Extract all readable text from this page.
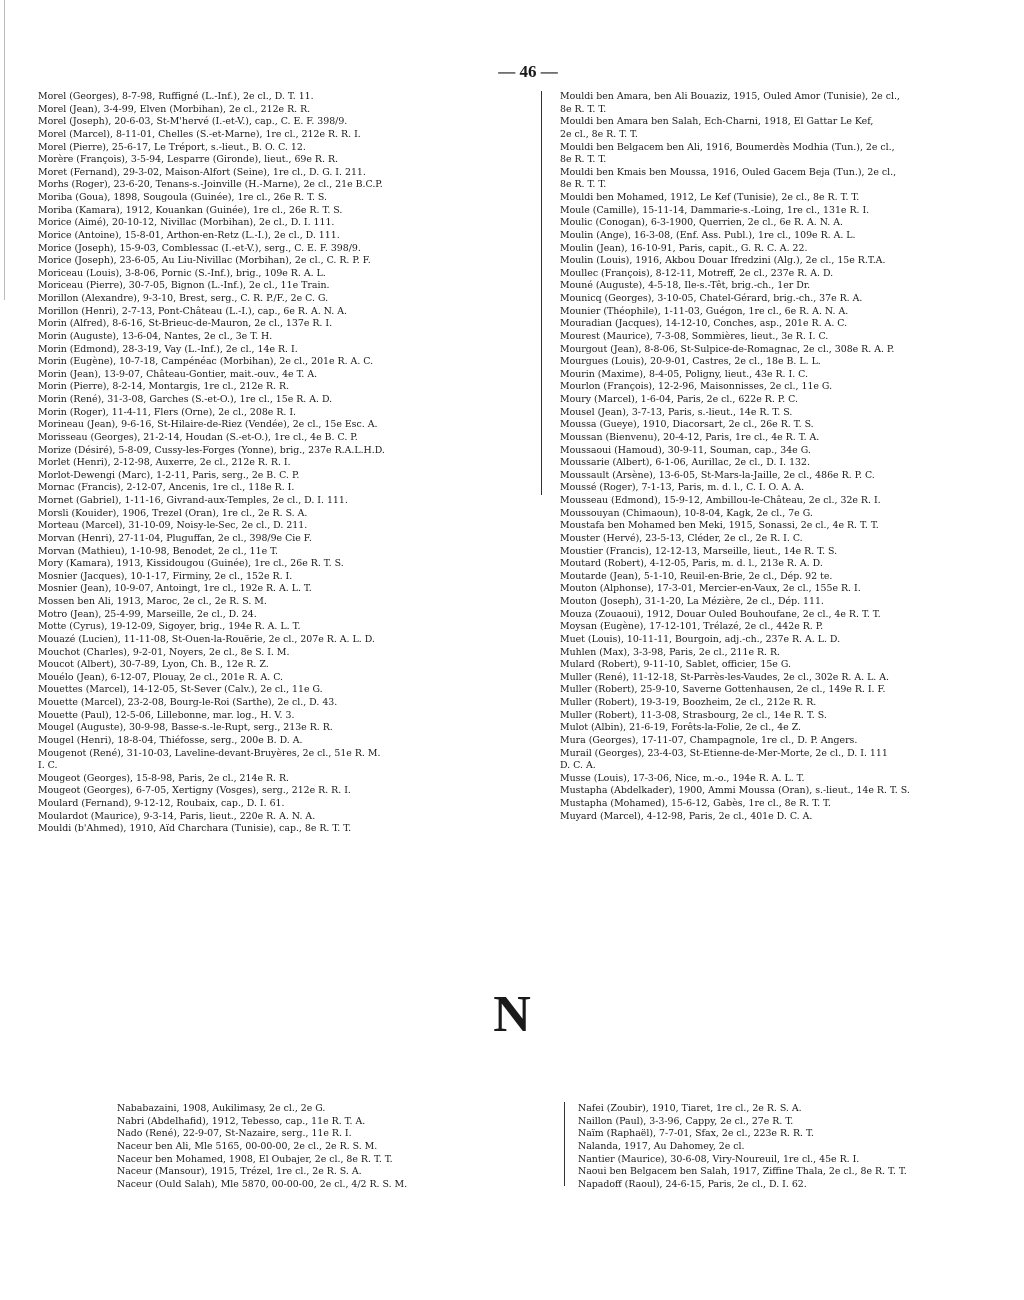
— 46 —
Morel (Georges), 8-7-98, Ruffigné (L.-Inf.), 2e cl., D. T. 11.
Morel (Jean), 3-4-99, Elven (Morbihan), 2e cl., 212e R. R.
Morel (Joseph), 20-6-03, St-M'hervé (I.-et-V.), cap., C. E. F. 398/9.
Morel (Marcel), 8-11-01, Chelles (S.-et-Marne), 1re cl., 212e R. R. I.
Morel (Pierre), 25-6-17, Le Tréport, s.-lieut., B. O. C. 12.
Morère (François), 3-5-94, Lesparre (Gironde), lieut., 69e R. R.
Moret (Fernand), 29-3-02, Maison-Alfort (Seine), 1re cl., D. G. I. 211.
Morhs (Roger), 23-6-20, Tenans-s.-Joinville (H.-Marne), 2e cl., 21e B.C.P.
Moriba (Goua), 1898, Sougoula (Guinée), 1re cl., 26e R. T. S.
Moriba (Kamara), 1912, Kouankan (Guinée), 1re cl., 26e R. T. S.
Morice (Aimé), 20-10-12, Nivillac (Morbihan), 2e cl., D. I. 111.
Morice (Antoine), 15-8-01, Arthon-en-Retz (L.-I.), 2e cl., D. 111.
Morice (Joseph), 15-9-03, Comblessac (I.-et-V.), serg., C. E. F. 398/9.
Morice (Joseph), 23-6-05, Au Liu-Nivillac (Morbihan), 2e cl., C. R. P. F.
Moriceau (Louis), 3-8-06, Pornic (S.-Inf.), brig., 109e R. A. L.
Moriceau (Pierre), 30-7-05, Bignon (L.-Inf.), 2e cl., 11e Train.
Morillon (Alexandre), 9-3-10, Brest, serg., C. R. P./F., 2e C. G.
Morillon (Henri), 2-7-13, Pont-Château (L.-I.), cap., 6e R. A. N. A.
Morin (Alfred), 8-6-16, St-Brieuc-de-Mauron, 2e cl., 137e R. I.
Morin (Auguste), 13-6-04, Nantes, 2e cl., 3e T. H.
Morin (Edmond), 28-3-19, Vay (L.-Inf.), 2e cl., 14e R. I.
Morin (Eugène), 10-7-18, Campénéac (Morbihan), 2e cl., 201e R. A. C.
Morin (Jean), 13-9-07, Château-Gontier, mait.-ouv., 4e T. A.
Morin (Pierre), 8-2-14, Montargis, 1re cl., 212e R. R.
Morin (René), 31-3-08, Garches (S.-et-O.), 1re cl., 15e R. A. D.
Morin (Roger), 11-4-11, Flers (Orne), 2e cl., 208e R. I.
Morineau (Jean), 9-6-16, St-Hilaire-de-Riez (Vendée), 2e cl., 15e Esc. A.
Morisseau (Georges), 21-2-14, Houdan (S.-et-O.), 1re cl., 4e B. C. P.
Morize (Désiré), 5-8-09, Cussy-les-Forges (Yonne), brig., 237e R.A.L.H.D.
Morlet (Henri), 2-12-98, Auxerre, 2e cl., 212e R. R. I.
Morlot-Dewengi (Marc), 1-2-11, Paris, serg., 2e B. C. P.
Mornac (Francis), 2-12-07, Ancenis, 1re cl., 118e R. I.
Mornet (Gabriel), 1-11-16, Givrand-aux-Temples, 2e cl., D. I. 111.
Morsli (Kouider), 1906, Trezel (Oran), 1re cl., 2e R. S. A.
Morteau (Marcel), 31-10-09, Noisy-le-Sec, 2e cl., D. 211.
Morvan (Henri), 27-11-04, Pluguffan, 2e cl., 398/9e Cie F.
Morvan (Mathieu), 1-10-98, Benodet, 2e cl., 11e T.
Mory (Kamara), 1913, Kissidougou (Guinée), 1re cl., 26e R. T. S.
Mosnier (Jacques), 10-1-17, Firminy, 2e cl., 152e R. I.
Mosnier (Jean), 10-9-07, Antoingt, 1re cl., 192e R. A. L. T.
Mossen ben Ali, 1913, Maroc, 2e cl., 2e R. S. M.
Motro (Jean), 25-4-99, Marseille, 2e cl., D. 24.
Motte (Cyrus), 19-12-09, Sigoyer, brig., 194e R. A. L. T.
Mouazé (Lucien), 11-11-08, St-Ouen-la-Rouërie, 2e cl., 207e R. A. L. D.
Mouchot (Charles), 9-2-01, Noyers, 2e cl., 8e S. I. M.
Moucot (Albert), 30-7-89, Lyon, Ch. B., 12e R. Z.
Mouélo (Jean), 6-12-07, Plouay, 2e cl., 201e R. A. C.
Mouettes (Marcel), 14-12-05, St-Sever (Calv.), 2e cl., 11e G.
Mouette (Marcel), 23-2-08, Bourg-le-Roi (Sarthe), 2e cl., D. 43.
Mouette (Paul), 12-5-06, Lillebonne, mar. log., H. V. 3.
Mougel (Auguste), 30-9-98, Basse-s.-le-Rupt, serg., 213e R. R.
Mougel (Henri), 18-8-04, Thiéfosse, serg., 200e B. D. A.
Mougenot (René), 31-10-03, Laveline-devant-Bruyères, 2e cl., 51e R. M.
I. C.
Mougeot (Georges), 15-8-98, Paris, 2e cl., 214e R. R.
Mougeot (Georges), 6-7-05, Xertigny (Vosges), serg., 212e R. R. I.
Moulard (Fernand), 9-12-12, Roubaix, cap., D. I. 61.
Moulardot (Maurice), 9-3-14, Paris, lieut., 220e R. A. N. A.
Mouldi (b'Ahmed), 1910, Aïd Charchara (Tunisie), cap., 8e R. T. T.
Mouldi ben Amara, ben Ali Bouaziz, 1915, Ouled Amor (Tunisie), 2e cl.,
8e R. T. T.
Mouldi ben Amara ben Salah, Ech-Charni, 1918, El Gattar Le Kef,
2e cl., 8e R. T. T.
Mouldi ben Belgacem ben Ali, 1916, Boumerdès Modhia (Tun.), 2e cl.,
8e R. T. T.
Mouldi ben Kmais ben Moussa, 1916, Ouled Gacem Beja (Tun.), 2e cl.,
8e R. T. T.
Mouldi ben Mohamed, 1912, Le Kef (Tunisie), 2e cl., 8e R. T. T.
Moule (Camille), 15-11-14, Dammarie-s.-Loing, 1re cl., 131e R. I.
Moulic (Conogan), 6-3-1900, Querrien, 2e cl., 6e R. A. N. A.
Moulin (Ange), 16-3-08, (Enf. Ass. Publ.), 1re cl., 109e R. A. L.
Moulin (Jean), 16-10-91, Paris, capit., G. R. C. A. 22.
Moulin (Louis), 1916, Akbou Douar Ifredzini (Alg.), 2e cl., 15e R.T.A.
Moullec (François), 8-12-11, Motreff, 2e cl., 237e R. A. D.
Mouné (Auguste), 4-5-18, Ile-s.-Têt, brig.-ch., 1er Dr.
Mounicq (Georges), 3-10-05, Chatel-Gérard, brig.-ch., 37e R. A.
Mounier (Théophile), 1-11-03, Guégon, 1re cl., 6e R. A. N. A.
Mouradian (Jacques), 14-12-10, Conches, asp., 201e R. A. C.
Mourest (Maurice), 7-3-08, Sommières, lieut., 3e R. I. C.
Mourgout (Jean), 8-8-06, St-Sulpice-de-Romagnac, 2e cl., 308e R. A. P.
Mourgues (Louis), 20-9-01, Castres, 2e cl., 18e B. L. L.
Mourin (Maxime), 8-4-05, Poligny, lieut., 43e R. I. C.
Mourlon (François), 12-2-96, Maisonnisses, 2e cl., 11e G.
Moury (Marcel), 1-6-04, Paris, 2e cl., 622e R. P. C.
Mousel (Jean), 3-7-13, Paris, s.-lieut., 14e R. T. S.
Moussa (Gueye), 1910, Diacorsart, 2e cl., 26e R. T. S.
Moussan (Bienvenu), 20-4-12, Paris, 1re cl., 4e R. T. A.
Moussaoui (Hamoud), 30-9-11, Souman, cap., 34e G.
Moussarie (Albert), 6-1-06, Aurillac, 2e cl., D. I. 132.
Moussault (Arsène), 13-6-05, St-Mars-la-Jaille, 2e cl., 486e R. P. C.
Moussé (Roger), 7-1-13, Paris, m. d. l., C. I. O. A. A.
Mousseau (Edmond), 15-9-12, Ambillou-le-Château, 2e cl., 32e R. I.
Moussouyan (Chimaoun), 10-8-04, Kagk, 2e cl., 7e G.
Moustafa ben Mohamed ben Meki, 1915, Sonassi, 2e cl., 4e R. T. T.
Mouster (Hervé), 23-5-13, Cléder, 2e cl., 2e R. I. C.
Moustier (Francis), 12-12-13, Marseille, lieut., 14e R. T. S.
Moutard (Robert), 4-12-05, Paris, m. d. l., 213e R. A. D.
Moutarde (Jean), 5-1-10, Reuil-en-Brie, 2e cl., Dép. 92 te.
Mouton (Alphonse), 17-3-01, Mercier-en-Vaux, 2e cl., 155e R. I.
Mouton (Joseph), 31-1-20, La Mézière, 2e cl., Dép. 111.
Mouza (Zouaoui), 1912, Douar Ouled Bouhoufane, 2e cl., 4e R. T. T.
Moysan (Eugène), 17-12-101, Trélazé, 2e cl., 442e R. P.
Muet (Louis), 10-11-11, Bourgoin, adj.-ch., 237e R. A. L. D.
Muhlen (Max), 3-3-98, Paris, 2e cl., 211e R. R.
Mulard (Robert), 9-11-10, Sablet, officier, 15e G.
Muller (René), 11-12-18, St-Parrès-les-Vaudes, 2e cl., 302e R. A. L. A.
Muller (Robert), 25-9-10, Saverne Gottenhausen, 2e cl., 149e R. I. F.
Muller (Robert), 19-3-19, Boozheim, 2e cl., 212e R. R.
Muller (Robert), 11-3-08, Strasbourg, 2e cl., 14e R. T. S.
Mulot (Albin), 21-6-19, Forêts-la-Folie, 2e cl., 4e Z.
Mura (Georges), 17-11-07, Champagnole, 1re cl., D. P. Angers.
Murail (Georges), 23-4-03, St-Etienne-de-Mer-Morte, 2e cl., D. I. 111
D. C. A.
Musse (Louis), 17-3-06, Nice, m.-o., 194e R. A. L. T.
Mustapha (Abdelkader), 1900, Ammi Moussa (Oran), s.-lieut., 14e R. T. S.
Mustapha (Mohamed), 15-6-12, Gabès, 1re cl., 8e R. T. T.
Muyard (Marcel), 4-12-98, Paris, 2e cl., 401e D. C. A.
N
Nababazaini, 1908, Aukilimasy, 2e cl., 2e G.
Nabri (Abdelhafid), 1912, Tebesso, cap., 11e R. T. A.
Nado (René), 22-9-07, St-Nazaire, serg., 11e R. I.
Naceur ben Ali, Mle 5165, 00-00-00, 2e cl., 2e R. S. M.
Naceur ben Mohamed, 1908, El Oubajer, 2e cl., 8e R. T. T.
Naceur (Mansour), 1915, Trézel, 1re cl., 2e R. S. A.
Naceur (Ould Salah), Mle 5870, 00-00-00, 2e cl., 4/2 R. S. M.
Nafei (Zoubir), 1910, Tiaret, 1re cl., 2e R. S. A.
Naillon (Paul), 3-3-96, Cappy, 2e cl., 27e R. T.
Naïm (Raphaël), 7-7-01, Sfax, 2e cl., 223e R. R. T.
Nalanda, 1917, Au Dahomey, 2e cl.
Nantier (Maurice), 30-6-08, Viry-Noureuil, 1re cl., 45e R. I.
Naoui ben Belgacem ben Salah, 1917, Ziffine Thala, 2e cl., 8e R. T. T.
Napadoff (Raoul), 24-6-15, Paris, 2e cl., D. I. 62.
